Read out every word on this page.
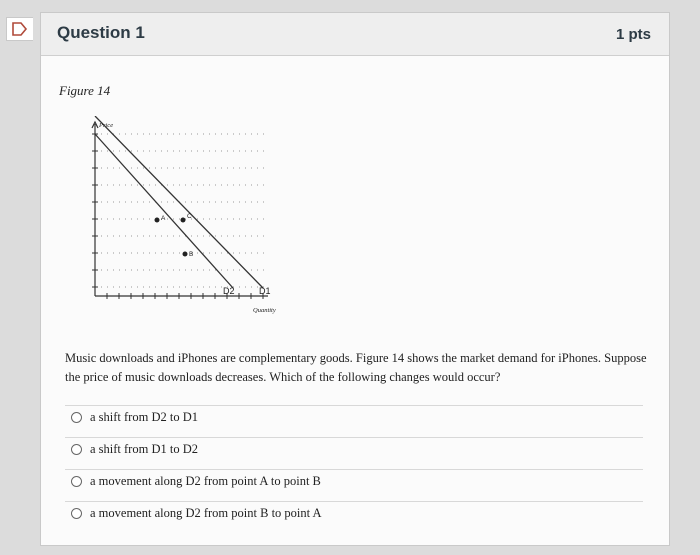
Question 1	1 pts
Figure 14
Price
Quantity
D2	D1
A	C
B
Music downloads and iPhones are complementary goods. Figure 14 shows the market demand for iPhones. Suppose the price of music downloads decreases. Which of the following changes would occur?
a shift from D2 to D1
a shift from D1 to D2
a movement along D2 from point A to point B
a movement along D2 from point B to point A
